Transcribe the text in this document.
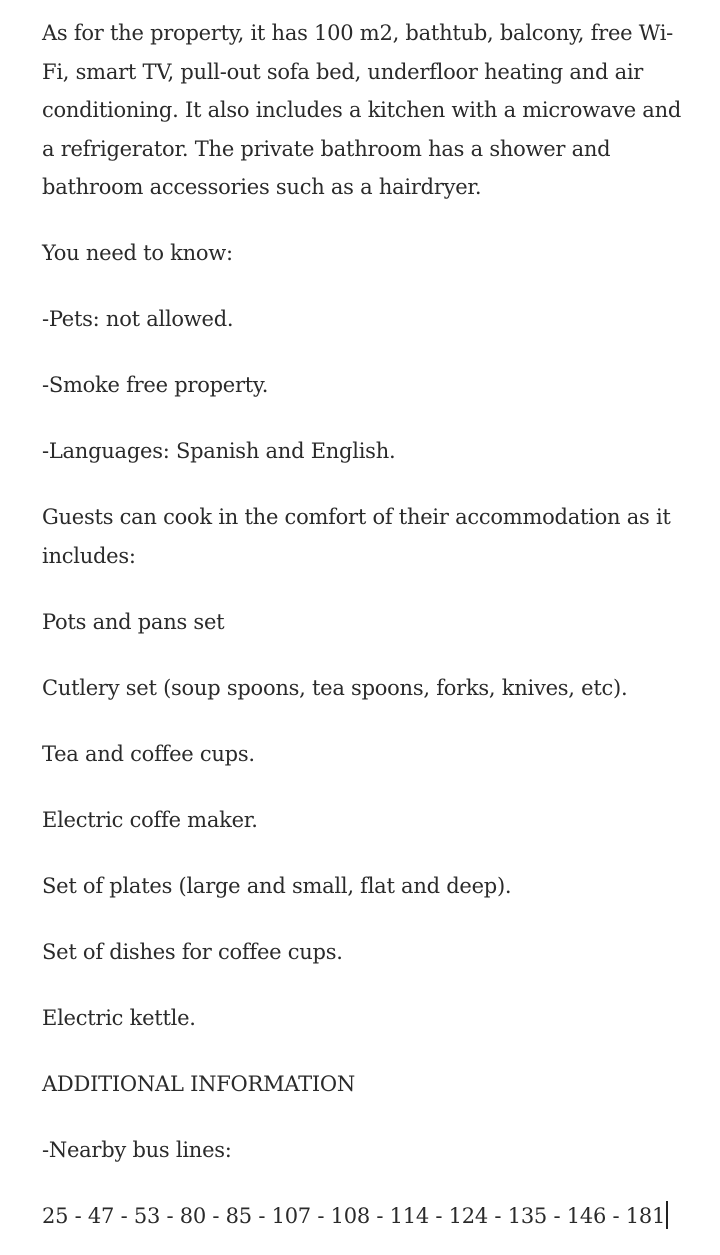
As for the property, it has 100 m2, bathtub, balcony, free Wi-Fi, smart TV, pull-out sofa bed, underfloor heating and air conditioning. It also includes a kitchen with a microwave and a refrigerator. The private bathroom has a shower and bathroom accessories such as a hairdryer.

You need to know:

-Pets: not allowed.

-Smoke free property.

-Languages: Spanish and English.

Guests can cook in the comfort of their accommodation as it includes:

Pots and pans set

Cutlery set (soup spoons, tea spoons, forks, knives, etc).

Tea and coffee cups.

Electric coffe maker.

Set of plates (large and small, flat and deep).

Set of dishes for coffee cups.

Electric kettle.

ADDITIONAL INFORMATION

-Nearby bus lines:

25 - 47 - 53 - 80 - 85 - 107 - 108 - 114 - 124 - 135 - 146 - 181
